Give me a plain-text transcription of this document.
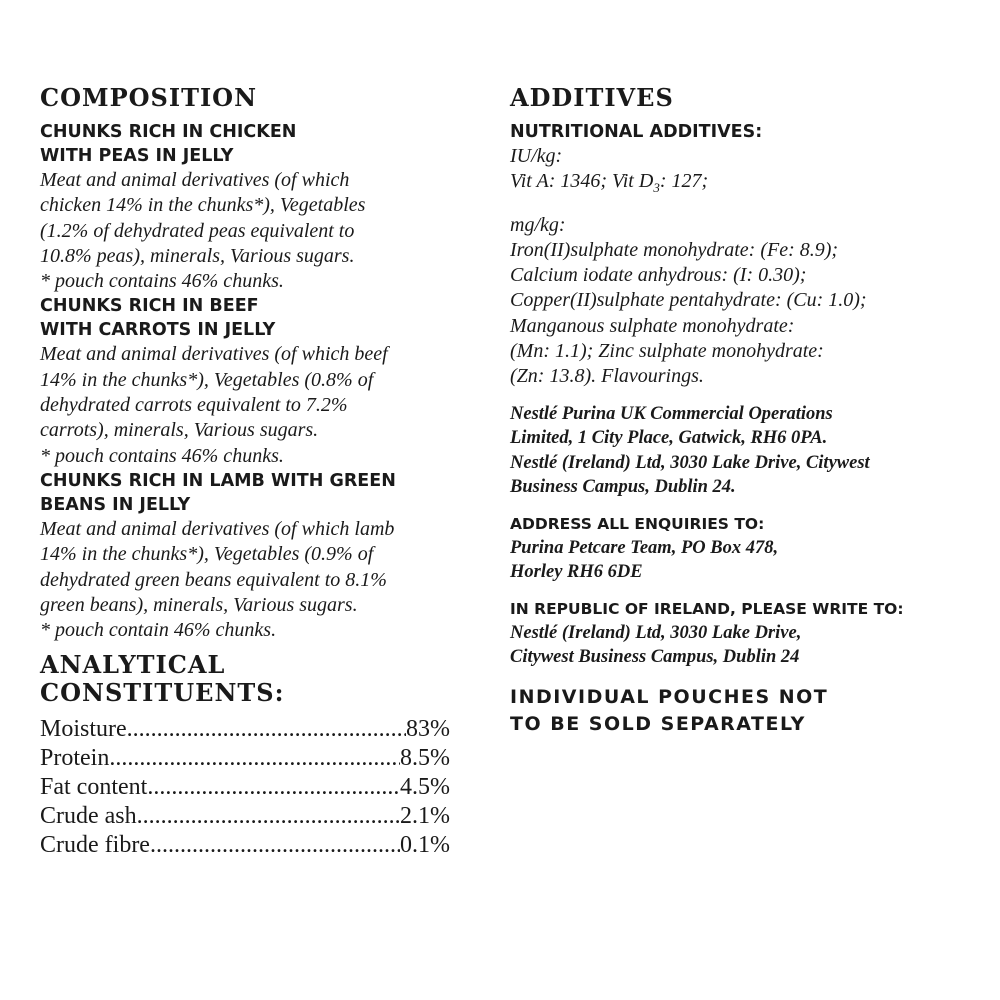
COMPOSITION

CHUNKS RICH IN CHICKEN

WITH PEAS IN JELLY

Meat and animal derivatives (of which

chicken 14% in the chunks*), Vegetables

(1.2% of dehydrated peas equivalent to

10.8% peas), minerals, Various sugars.

* pouch contains 46% chunks.

CHUNKS RICH IN BEEF

WITH CARROTS IN JELLY

Meat and animal derivatives (of which beef

14% in the chunks*), Vegetables (0.8% of

dehydrated carrots equivalent to 7.2%

carrots), minerals, Various sugars.

* pouch contains 46% chunks.

CHUNKS RICH IN LAMB WITH GREEN

BEANS IN JELLY

Meat and animal derivatives (of which lamb

14% in the chunks*), Vegetables (0.9% of

dehydrated green beans equivalent to 8.1%

green beans), minerals, Various sugars.

* pouch contain 46% chunks.

ANALYTICAL
CONSTITUENTS:
Moisture .....	83%
Protein .....	8.5%
Fat content .....	4.5%
Crude ash .....	2.1%
Crude fibre .....	0.1%
ADDITIVES

NUTRITIONAL ADDITIVES:

IU/kg:

Vit A: 1346; Vit $D_3$: 127;

mg/kg:

Iron(II)sulphate monohydrate: (Fe: 8.9);

Calcium iodate anhydrous: (I: 0.30);

Copper(II)sulphate pentahydrate: (Cu: 1.0);

Manganous sulphate monohydrate:

(Mn: 1.1); Zinc sulphate monohydrate:

(Zn: 13.8). Flavourings.

Nestlé Purina UK Commercial Operations

Limited, 1 City Place, Gatwick, RH6 0PA.

Nestlé (Ireland) Ltd, 3030 Lake Drive, Citywest

Business Campus, Dublin 24.

ADDRESS ALL ENQUIRIES TO:

Purina Petcare Team, PO Box 478,

Horley RH6 6DE

IN REPUBLIC OF IRELAND, PLEASE WRITE TO:

Nestlé (Ireland) Ltd, 3030 Lake Drive,

Citywest Business Campus, Dublin 24

INDIVIDUAL POUCHES NOT

TO BE SOLD SEPARATELY
